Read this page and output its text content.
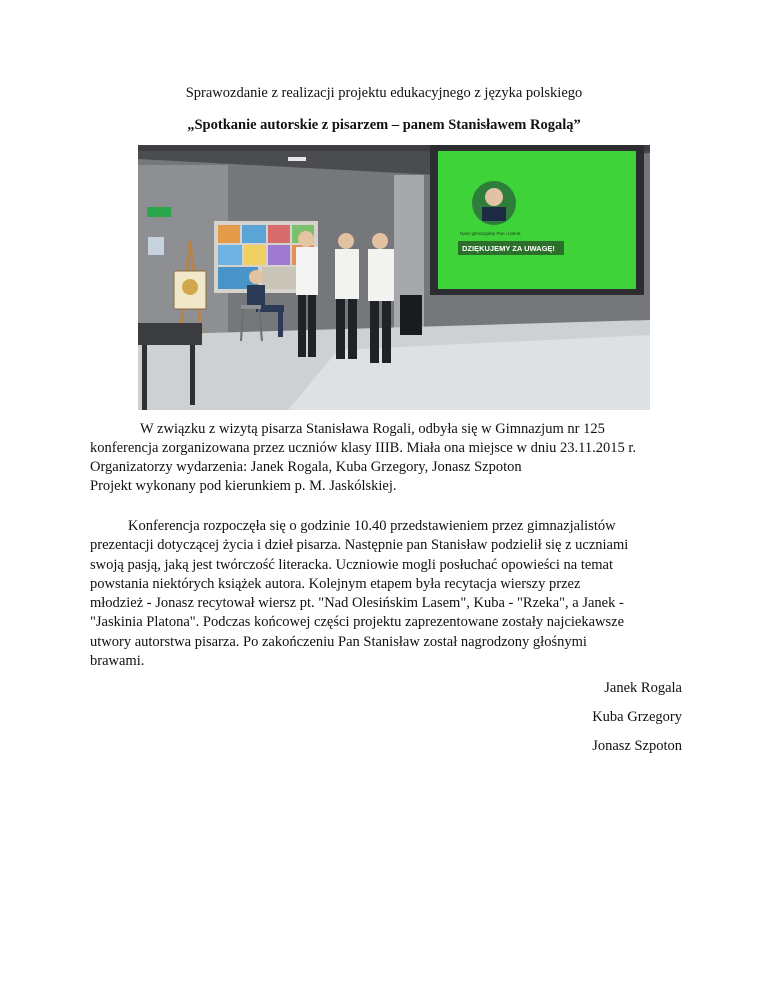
Sprawozdanie z realizacji projektu edukacyjnego z języka polskiego
„Spotkanie autorskie z pisarzem – panem Stanisławem Rogalą”
Nasz gimnazjalny Pan i Literat
DZIĘKUJEMY ZA UWAGĘ!
W związku z wizytą pisarza Stanisława Rogali, odbyła się w Gimnazjum nr 125
konferencja zorganizowana przez uczniów klasy IIIB. Miała ona miejsce w dniu 23.11.2015 r.
Organizatorzy wydarzenia: Janek Rogala, Kuba Grzegory, Jonasz Szpoton
Projekt wykonany pod kierunkiem p. M. Jaskólskiej.
Konferencja rozpoczęła się o godzinie 10.40 przedstawieniem przez gimnazjalistów
prezentacji dotyczącej życia i dzieł pisarza. Następnie pan Stanisław podzielił się z uczniami
swoją pasją, jaką jest twórczość literacka. Uczniowie mogli posłuchać opowieści na temat
powstania niektórych książek autora. Kolejnym etapem była recytacja wierszy przez
młodzież - Jonasz recytował wiersz pt. "Nad Olesińskim Lasem", Kuba - "Rzeka", a Janek -
"Jaskinia Platona". Podczas końcowej części projektu zaprezentowane zostały najciekawsze
utwory autorstwa pisarza. Po zakończeniu Pan Stanisław został nagrodzony głośnymi
brawami.
Janek Rogala
Kuba Grzegory
Jonasz Szpoton
